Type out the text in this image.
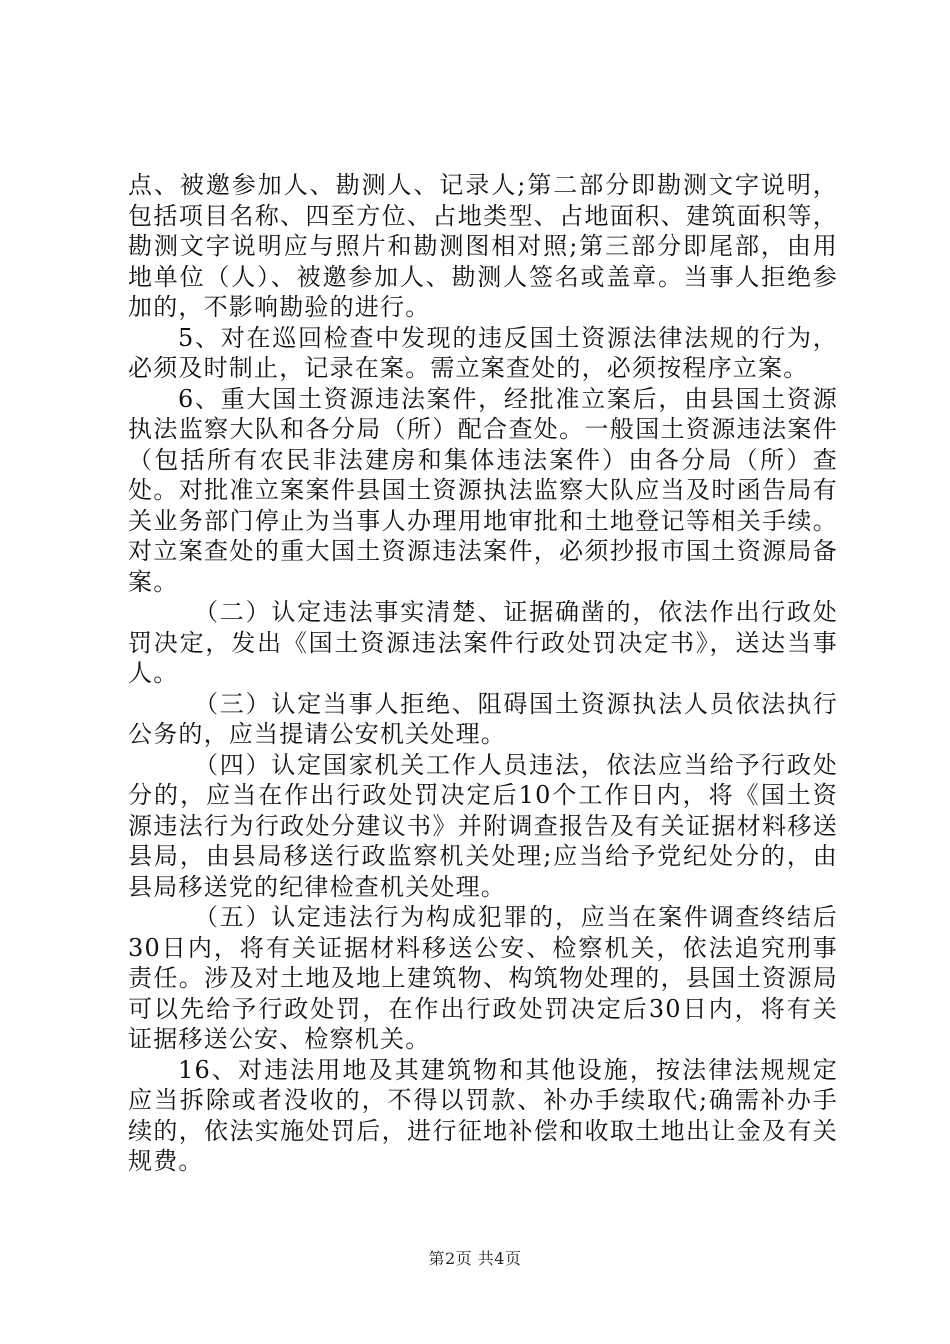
点、被邀参加人、勘测人、记录人;第二部分即勘测文字说明，包括项目名称、四至方位、占地类型、占地面积、建筑面积等，勘测文字说明应与照片和勘测图相对照;第三部分即尾部，由用地单位（人）、被邀参加人、勘测人签名或盖章。当事人拒绝参加的，不影响勘验的进行。

5、对在巡回检查中发现的违反国土资源法律法规的行为，必须及时制止，记录在案。需立案查处的，必须按程序立案。

6、重大国土资源违法案件，经批准立案后，由县国土资源执法监察大队和各分局（所）配合查处。一般国土资源违法案件（包括所有农民非法建房和集体违法案件）由各分局（所）查处。对批准立案案件县国土资源执法监察大队应当及时函告局有关业务部门停止为当事人办理用地审批和土地登记等相关手续。对立案查处的重大国土资源违法案件，必须抄报市国土资源局备案。

（二）认定违法事实清楚、证据确凿的，依法作出行政处罚决定，发出《国土资源违法案件行政处罚决定书》，送达当事人。

（三）认定当事人拒绝、阻碍国土资源执法人员依法执行公务的，应当提请公安机关处理。

（四）认定国家机关工作人员违法，依法应当给予行政处分的，应当在作出行政处罚决定后10个工作日内，将《国土资源违法行为行政处分建议书》并附调查报告及有关证据材料移送县局，由县局移送行政监察机关处理;应当给予党纪处分的，由县局移送党的纪律检查机关处理。

（五）认定违法行为构成犯罪的，应当在案件调查终结后30日内，将有关证据材料移送公安、检察机关，依法追究刑事责任。涉及对土地及地上建筑物、构筑物处理的，县国土资源局可以先给予行政处罚，在作出行政处罚决定后30日内，将有关证据移送公安、检察机关。

16、对违法用地及其建筑物和其他设施，按法律法规规定应当拆除或者没收的，不得以罚款、补办手续取代;确需补办手续的，依法实施处罚后，进行征地补偿和收取土地出让金及有关规费。

第2页 共4页
